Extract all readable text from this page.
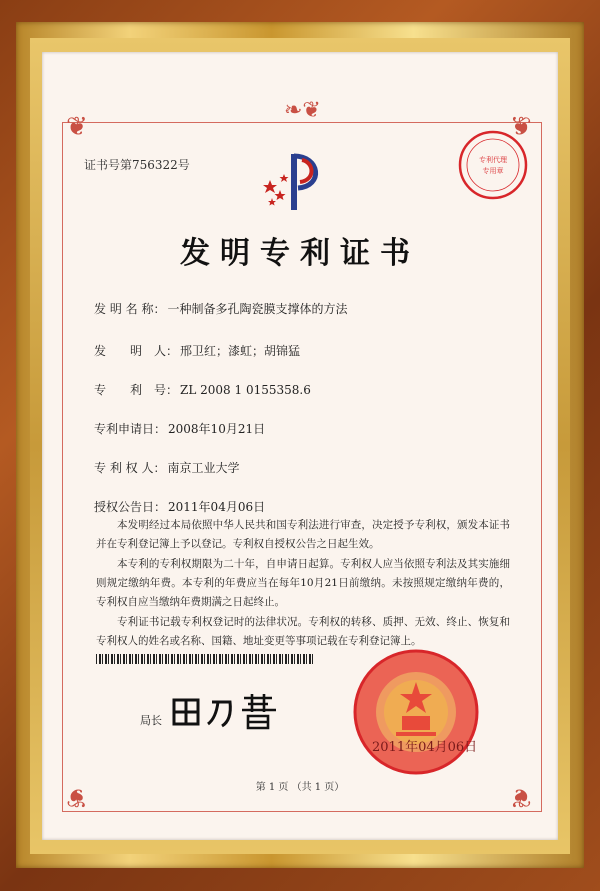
❦	❦
❦	❦
❧❦
证书号第756322号	专利代理
专用章
发明专利证书
发 明 名 称： 一种制备多孔陶瓷膜支撑体的方法
发　　明　人： 邢卫红；漆虹；胡锦猛
专　　利　号： ZL 2008 1 0155358.6
专利申请日： 2008年10月21日
专 利 权 人： 南京工业大学
授权公告日： 2011年04月06日
本发明经过本局依照中华人民共和国专利法进行审查，决定授予专利权，颁发本证书并在专利登记簿上予以登记。专利权自授权公告之日起生效。
本专利的专利权期限为二十年，自申请日起算。专利权人应当依照专利法及其实施细则规定缴纳年费。本专利的年费应当在每年10月21日前缴纳。未按照规定缴纳年费的，专利权自应当缴纳年费期满之日起终止。
专利证书记载专利权登记时的法律状况。专利权的转移、质押、无效、终止、恢复和专利权人的姓名或名称、国籍、地址变更等事项记载在专利登记簿上。
局长
2011年04月06日
第 1 页 （共 1 页）
